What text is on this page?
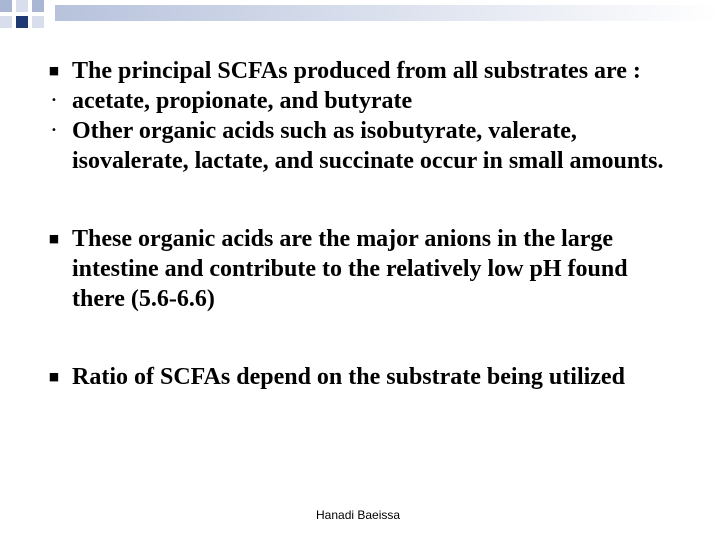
■ The principal SCFAs produced from all substrates are :
• acetate, propionate, and butyrate
• Other organic acids such as isobutyrate, valerate, isovalerate, lactate, and succinate occur in small amounts.
■ These organic acids are the major anions in the large intestine and contribute to the relatively low pH found there (5.6-6.6)
■ Ratio of SCFAs depend on the substrate being utilized
Hanadi Baeissa
